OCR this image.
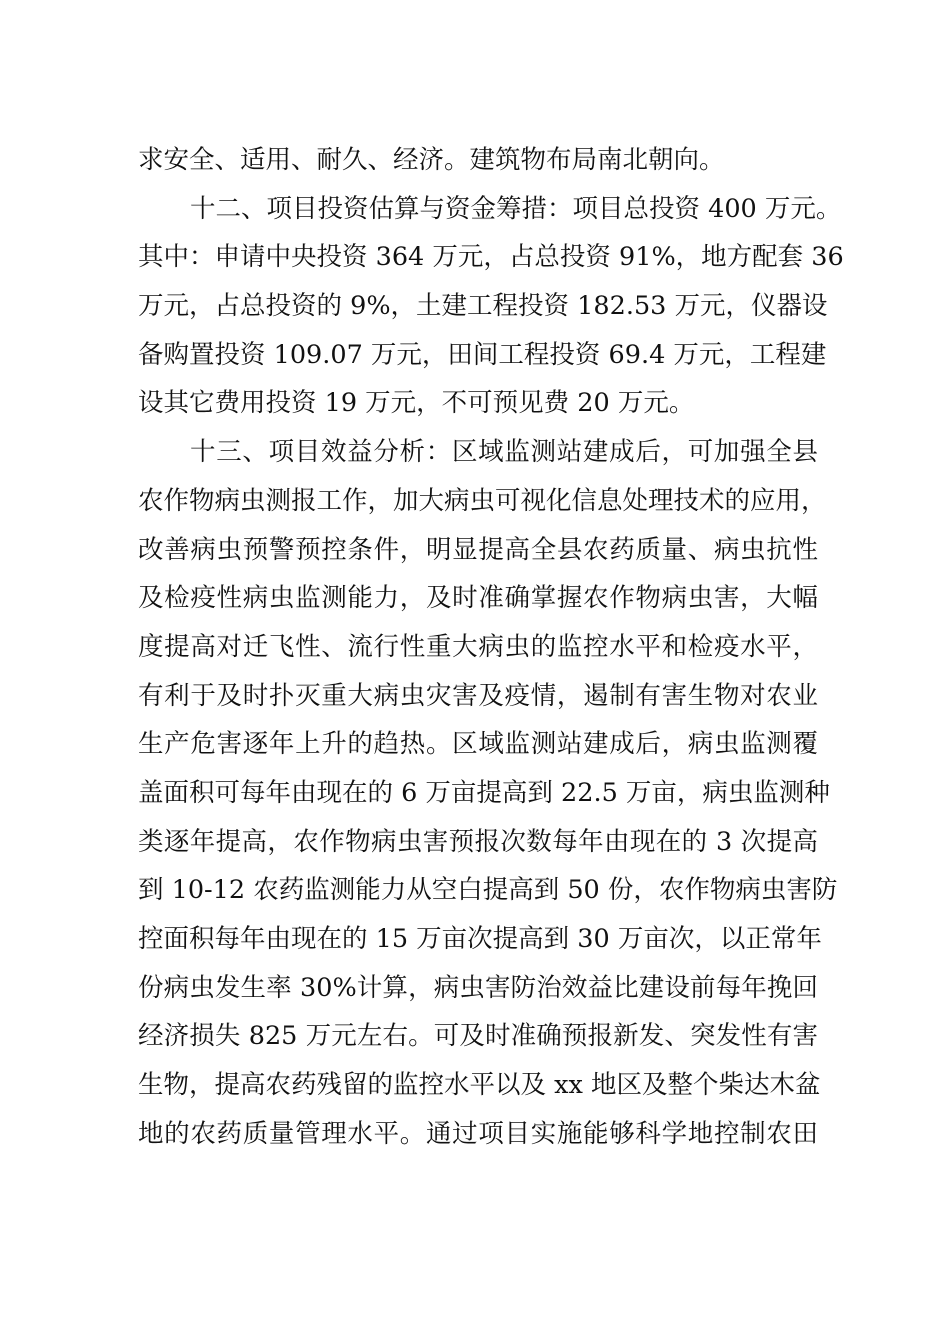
求安全、适用、耐久、经济。建筑物布局南北朝向。
十二、项目投资估算与资金筹措：项目总投资 400 万元。
其中：申请中央投资 364 万元，占总投资 91%，地方配套 36
万元，占总投资的 9%，土建工程投资 182.53 万元，仪器设
备购置投资 109.07 万元，田间工程投资 69.4 万元，工程建
设其它费用投资 19 万元，不可预见费 20 万元。
十三、项目效益分析：区域监测站建成后，可加强全县
农作物病虫测报工作，加大病虫可视化信息处理技术的应用，
改善病虫预警预控条件，明显提高全县农药质量、病虫抗性
及检疫性病虫监测能力，及时准确掌握农作物病虫害，大幅
度提高对迁飞性、流行性重大病虫的监控水平和检疫水平，
有利于及时扑灭重大病虫灾害及疫情，遏制有害生物对农业
生产危害逐年上升的趋热。区域监测站建成后，病虫监测覆
盖面积可每年由现在的 6 万亩提高到 22.5 万亩，病虫监测种
类逐年提高，农作物病虫害预报次数每年由现在的 3 次提高
到 10-12 农药监测能力从空白提高到 50 份，农作物病虫害防
控面积每年由现在的 15 万亩次提高到 30 万亩次，以正常年
份病虫发生率 30%计算，病虫害防治效益比建设前每年挽回
经济损失 825 万元左右。可及时准确预报新发、突发性有害
生物，提高农药残留的监控水平以及 xx 地区及整个柴达木盆
地的农药质量管理水平。通过项目实施能够科学地控制农田
